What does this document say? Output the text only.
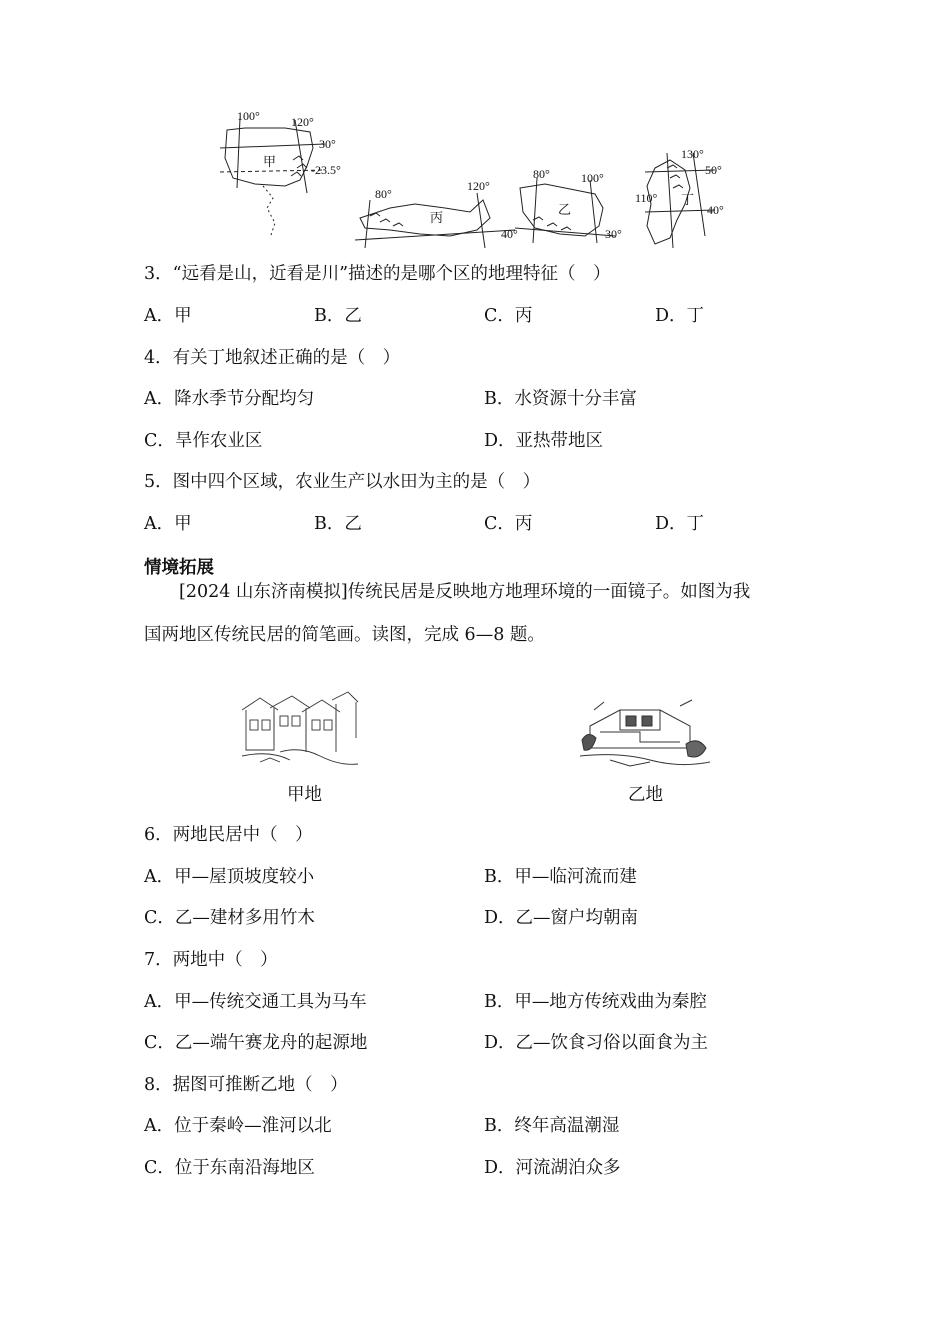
100°	120°
30°
-23.5°
甲
80°
120°
40°
丙
80°	100°
30°
乙
130°
50°
110°
40°
丁
3．“远看是山，近看是川”描述的是哪个区的地理特征（　）
A．甲	B．乙	C．丙	D．丁
4．有关丁地叙述正确的是（　）
A．降水季节分配均匀	B．水资源十分丰富
C．旱作农业区	D．亚热带地区
5．图中四个区域，农业生产以水田为主的是（　）
A．甲	B．乙	C．丙	D．丁
情境拓展
[2024 山东济南模拟]传统民居是反映地方地理环境的一面镜子。如图为我
国两地区传统民居的简笔画。读图，完成 6—8 题。
甲地	乙地
6．两地民居中（　）
A．甲—屋顶坡度较小	B．甲—临河流而建
C．乙—建材多用竹木	D．乙—窗户均朝南
7．两地中（　）
A．甲—传统交通工具为马车	B．甲—地方传统戏曲为秦腔
C．乙—端午赛龙舟的起源地	D．乙—饮食习俗以面食为主
8．据图可推断乙地（　）
A．位于秦岭—淮河以北	B．终年高温潮湿
C．位于东南沿海地区	D．河流湖泊众多
